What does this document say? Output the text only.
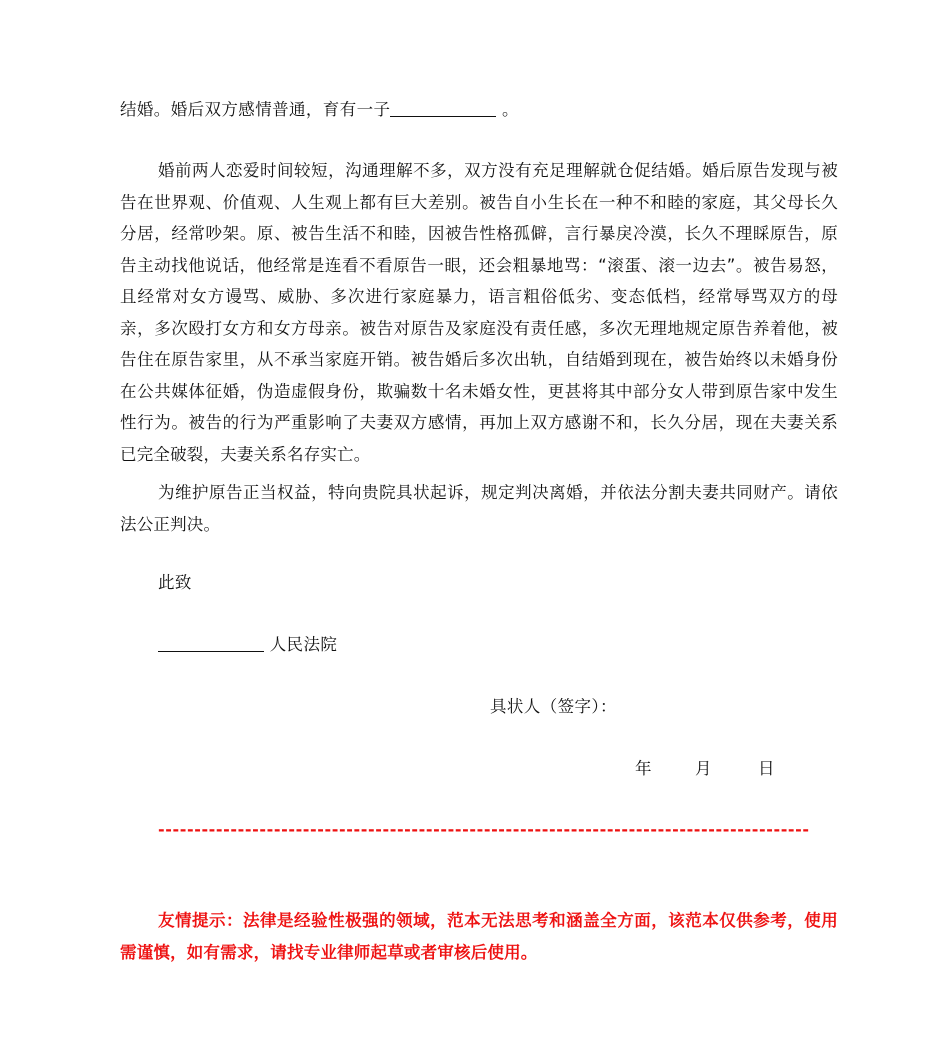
结婚。婚后双方感情普通，育有一子	。
婚前两人恋爱时间较短，沟通理解不多，双方没有充足理解就仓促结婚。婚后原告发现与被告在世界观、价值观、人生观上都有巨大差别。被告自小生长在一种不和睦的家庭，其父母长久分居，经常吵架。原、被告生活不和睦，因被告性格孤僻，言行暴戾冷漠，长久不理睬原告，原告主动找他说话，他经常是连看不看原告一眼，还会粗暴地骂：“滚蛋、滚一边去”。被告易怒，且经常对女方谩骂、威胁、多次进行家庭暴力，语言粗俗低劣、变态低档，经常辱骂双方的母亲，多次殴打女方和女方母亲。被告对原告及家庭没有责任感，多次无理地规定原告养着他，被告住在原告家里，从不承当家庭开销。被告婚后多次出轨，自结婚到现在，被告始终以未婚身份在公共媒体征婚，伪造虚假身份，欺骗数十名未婚女性，更甚将其中部分女人带到原告家中发生性行为。被告的行为严重影响了夫妻双方感情，再加上双方感谢不和，长久分居，现在夫妻关系已完全破裂，夫妻关系名存实亡。
为维护原告正当权益，特向贵院具状起诉，规定判决离婚，并依法分割夫妻共同财产。请依法公正判决。
此致
人民法院
具状人（签字）：
年	月	日
------------------------------------------------------------------------------------------
友情提示：法律是经验性极强的领域，范本无法思考和涵盖全方面，该范本仅供参考，使用需谨慎，如有需求，请找专业律师起草或者审核后使用。
